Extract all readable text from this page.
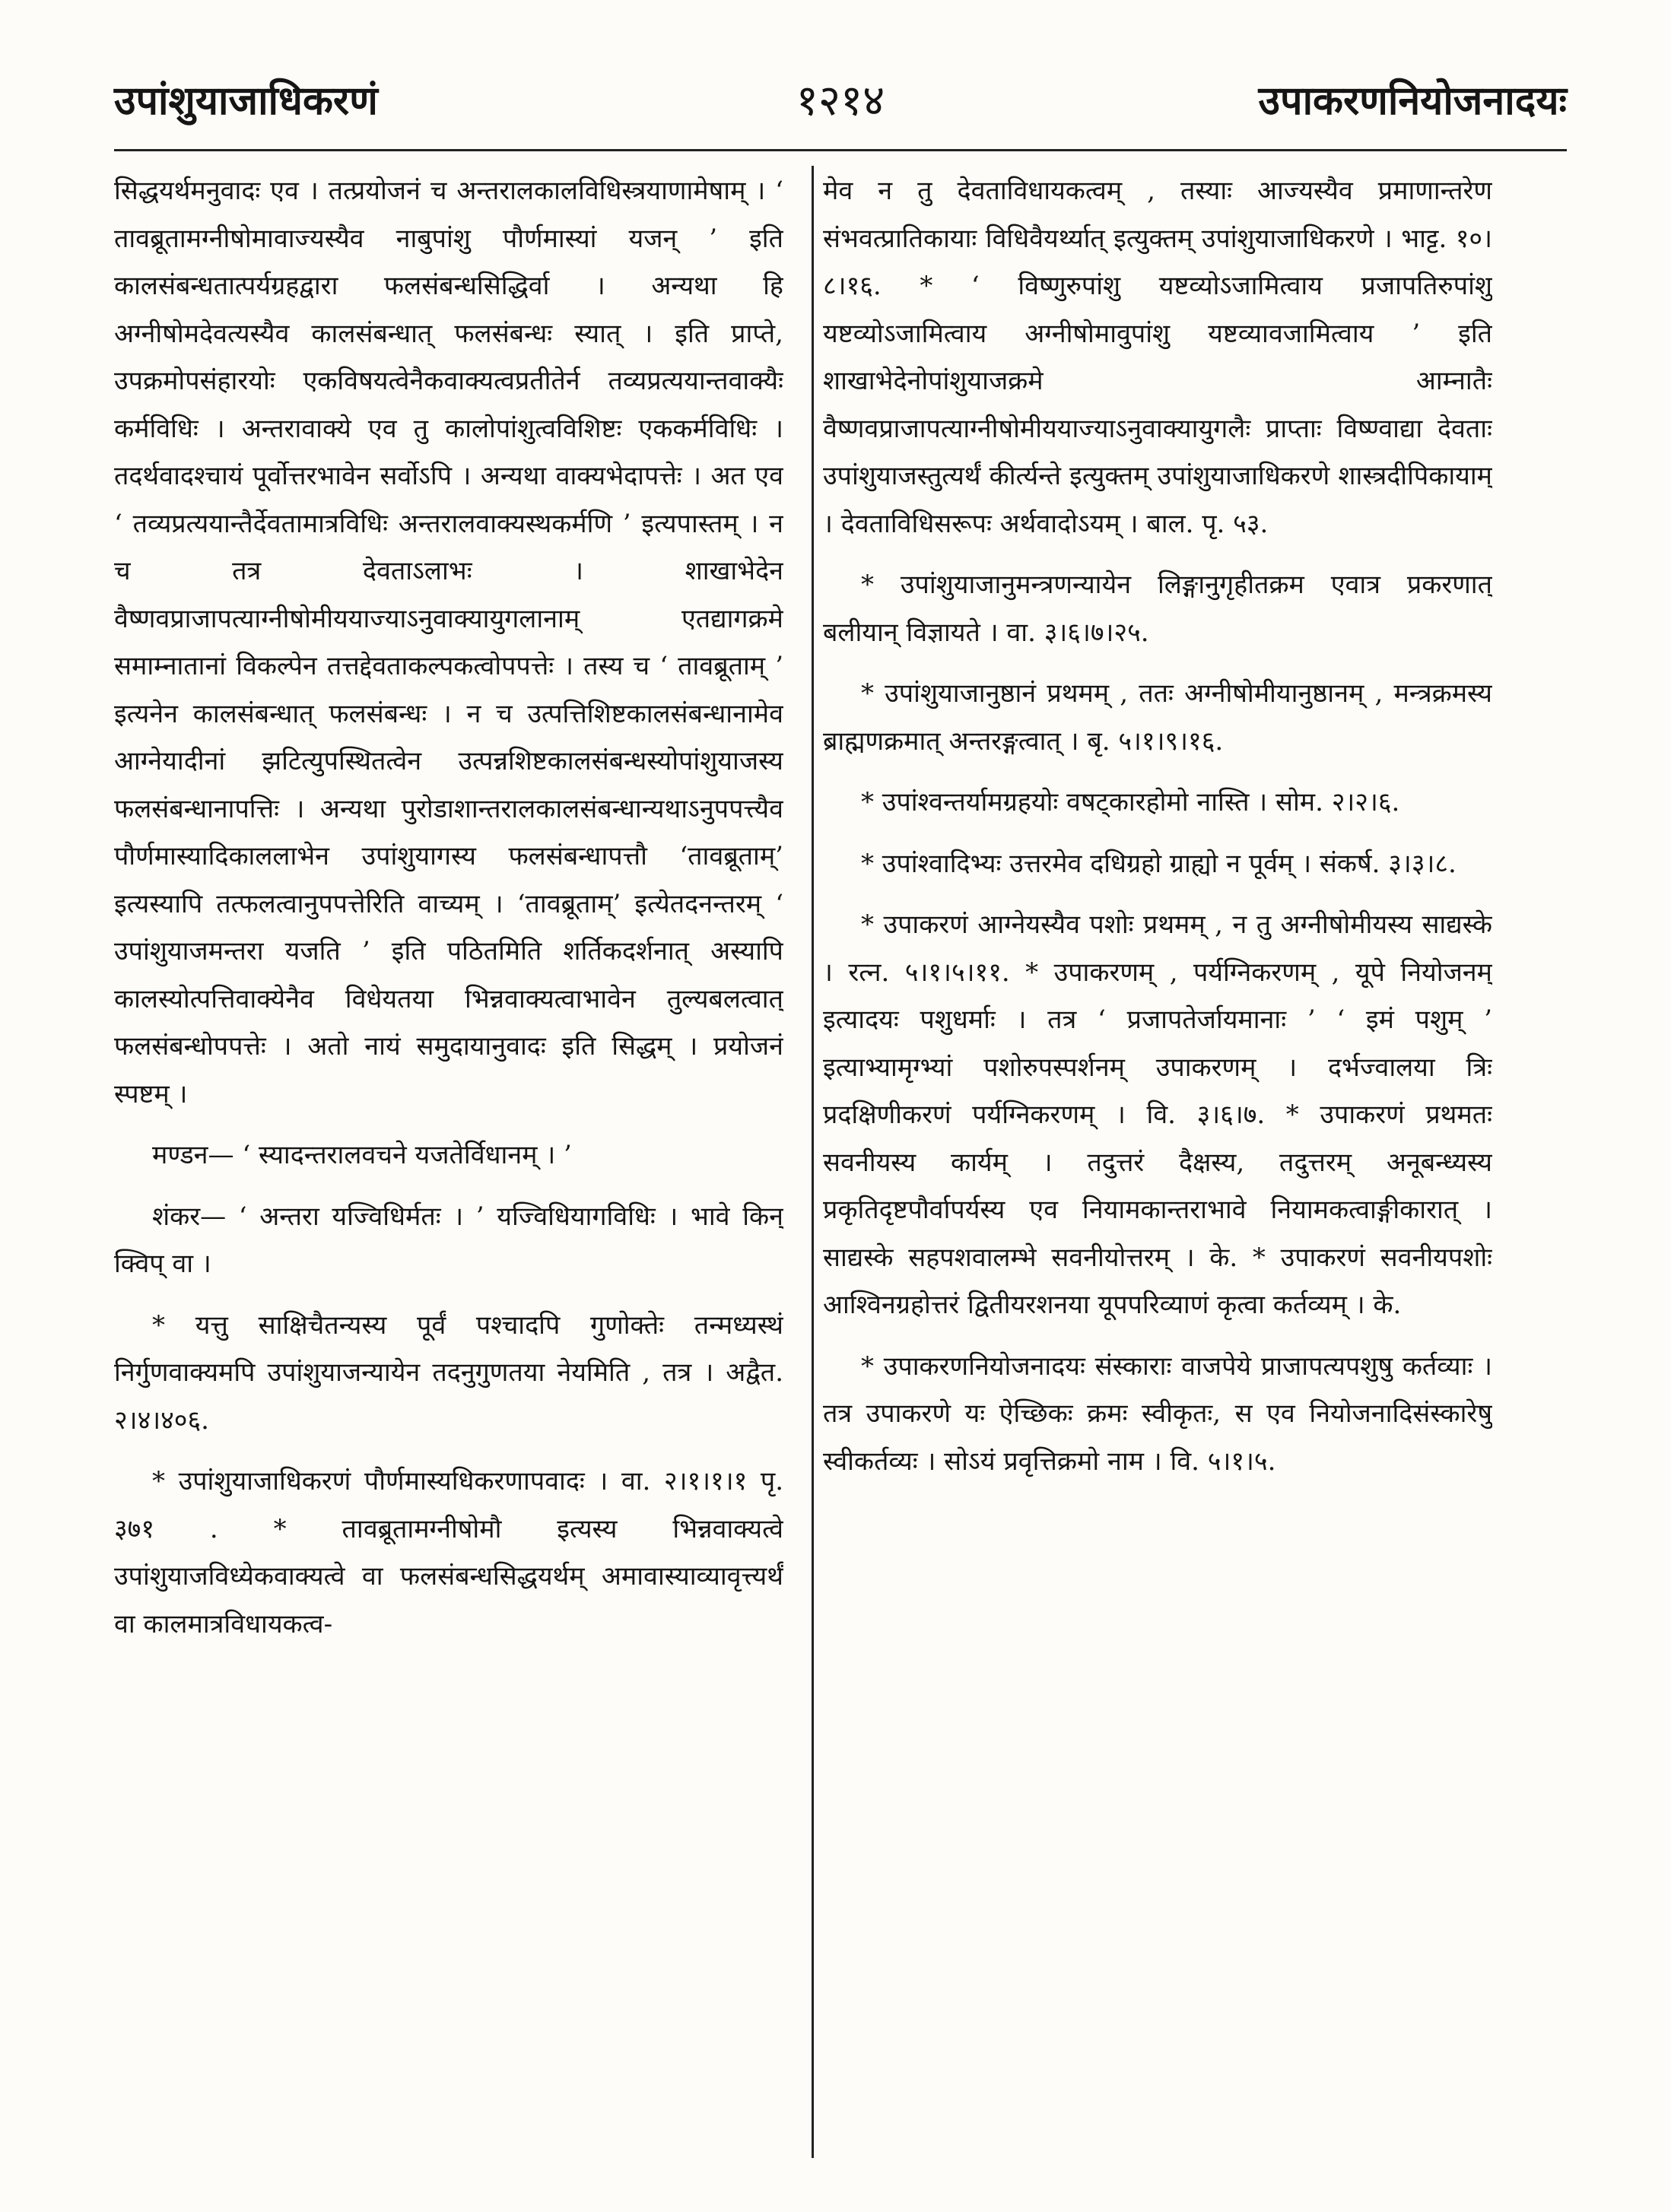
१२१४
उपांशुयाजाधिकरणं	उपाकरणनियोजनादयः

सिद्धयर्थमनुवादः एव । तत्प्रयोजनं च अन्तरालकालविधिस्त्रयाणामेषाम् । ‘ तावब्रूतामग्नीषोमावाज्यस्यैव नाबुपांशु पौर्णमास्यां यजन् ’ इति कालसंबन्धतात्पर्यग्रहद्वारा फलसंबन्धसिद्धिर्वा । अन्यथा हि अग्नीषोमदेवत्यस्यैव कालसंबन्धात् फलसंबन्धः स्यात् । इति प्राप्ते, उपक्रमोपसंहारयोः एकविषयत्वेनैकवाक्यत्वप्रतीतेर्न तव्यप्रत्ययान्तवाक्यैः कर्मविधिः । अन्तरावाक्ये एव तु कालोपांशुत्वविशिष्टः एककर्मविधिः । तदर्थवादश्चायं पूर्वोत्तरभावेन सर्वोऽपि । अन्यथा वाक्यभेदापत्तेः । अत एव ‘ तव्यप्रत्ययान्तैर्देवतामात्रविधिः अन्तरालवाक्यस्थकर्मणि ’ इत्यपास्तम् । न च तत्र देवताऽलाभः । शाखाभेदेन वैष्णवप्राजापत्याग्नीषोमीययाज्याऽनुवाक्यायुगलानाम् एतद्यागक्रमे समाम्नातानां विकल्पेन तत्तद्देवताकल्पकत्वोपपत्तेः । तस्य च ‘ तावब्रूताम् ’ इत्यनेन कालसंबन्धात् फलसंबन्धः । न च उत्पत्तिशिष्टकालसंबन्धानामेव आग्नेयादीनां झटित्युपस्थितत्वेन उत्पन्नशिष्टकालसंबन्धस्योपांशुयाजस्य फलसंबन्धानापत्तिः । अन्यथा पुरोडाशान्तरालकालसंबन्धान्यथाऽनुपपत्त्यैव पौर्णमास्यादिकाललाभेन उपांशुयागस्य फलसंबन्धापत्तौ ‘तावब्रूताम्’ इत्यस्यापि तत्फलत्वानुपपत्तेरिति वाच्यम् । ‘तावब्रूताम्’ इत्येतदनन्तरम् ‘ उपांशुयाजमन्तरा यजति ’ इति पठितमिति शर्तिकदर्शनात् अस्यापि कालस्योत्पत्तिवाक्येनैव विधेयतया भिन्नवाक्यत्वाभावेन तुल्यबलत्वात् फलसंबन्धोपपत्तेः । अतो नायं समुदायानुवादः इति सिद्धम् । प्रयोजनं स्पष्टम् ।

मण्डन— ‘ स्यादन्तरालवचने यजतेर्विधानम् । ’

शंकर— ‘ अन्तरा यज्विधिर्मतः । ’ यज्विधियागविधिः । भावे किन् क्विप् वा ।

* यत्तु साक्षिचैतन्यस्य पूर्वं पश्चादपि गुणोक्तेः तन्मध्यस्थं निर्गुणवाक्यमपि उपांशुयाजन्यायेन तदनुगुणतया नेयमिति , तत्र । अद्वैत. २।४।४०६.

* उपांशुयाजाधिकरणं पौर्णमास्यधिकरणापवादः । वा. २।१।१।१ पृ. ३७१ . * तावब्रूतामग्नीषोमौ इत्यस्य भिन्नवाक्यत्वे उपांशुयाजविध्येकवाक्यत्वे वा फलसंबन्धसिद्धयर्थम् अमावास्याव्यावृत्त्यर्थं वा कालमात्रविधायकत्व-

मेव न तु देवताविधायकत्वम् , तस्याः आज्यस्यैव प्रमाणान्तरेण संभवत्प्रातिकायाः विधिवैयर्थ्यात् इत्युक्तम् उपांशुयाजाधिकरणे । भाट्ट. १०।८।१६. * ‘ विष्णुरुपांशु यष्टव्योऽजामित्वाय प्रजापतिरुपांशु यष्टव्योऽजामित्वाय अग्नीषोमावुपांशु यष्टव्यावजामित्वाय ’ इति शाखाभेदेनोपांशुयाजक्रमे आम्नातैः वैष्णवप्राजापत्याग्नीषोमीययाज्याऽनुवाक्यायुगलैः प्राप्ताः विष्ण्वाद्या देवताः उपांशुयाजस्तुत्यर्थं कीर्त्यन्ते इत्युक्तम् उपांशुयाजाधिकरणे शास्त्रदीपिकायाम् । देवताविधिसरूपः अर्थवादोऽयम् । बाल. पृ. ५३.

* उपांशुयाजानुमन्त्रणन्यायेन लिङ्गानुगृहीतक्रम एवात्र प्रकरणात् बलीयान् विज्ञायते । वा. ३।६।७।२५.

* उपांशुयाजानुष्ठानं प्रथमम् , ततः अग्नीषोमीयानुष्ठानम् , मन्त्रक्रमस्य ब्राह्मणक्रमात् अन्तरङ्गत्वात् । बृ. ५।१।९।१६.

* उपांश्वन्तर्यामग्रहयोः वषट्कारहोमो नास्ति । सोम. २।२।६.

* उपांश्वादिभ्यः उत्तरमेव दधिग्रहो ग्राह्यो न पूर्वम् । संकर्ष. ३।३।८.

* उपाकरणं आग्नेयस्यैव पशोः प्रथमम् , न तु अग्नीषोमीयस्य साद्यस्के । रत्न. ५।१।५।११. * उपाकरणम् , पर्यग्निकरणम् , यूपे नियोजनम् इत्यादयः पशुधर्माः । तत्र ‘ प्रजापतेर्जायमानाः ’ ‘ इमं पशुम् ’ इत्याभ्यामृग्भ्यां पशोरुपस्पर्शनम् उपाकरणम् । दर्भज्वालया त्रिः प्रदक्षिणीकरणं पर्यग्निकरणम् । वि. ३।६।७. * उपाकरणं प्रथमतः सवनीयस्य कार्यम् । तदुत्तरं दैक्षस्य, तदुत्तरम् अनूबन्ध्यस्य प्रकृतिदृष्टपौर्वापर्यस्य एव नियामकान्तराभावे नियामकत्वाङ्गीकारात् । साद्यस्के सहपशवालम्भे सवनीयोत्तरम् । के. * उपाकरणं सवनीयपशोः आश्विनग्रहोत्तरं द्वितीयरशनया यूपपरिव्याणं कृत्वा कर्तव्यम् । के.

* उपाकरणनियोजनादयः संस्काराः वाजपेये प्राजापत्यपशुषु कर्तव्याः । तत्र उपाकरणे यः ऐच्छिकः क्रमः स्वीकृतः, स एव नियोजनादिसंस्कारेषु स्वीकर्तव्यः । सोऽयं प्रवृत्तिक्रमो नाम । वि. ५।१।५.
